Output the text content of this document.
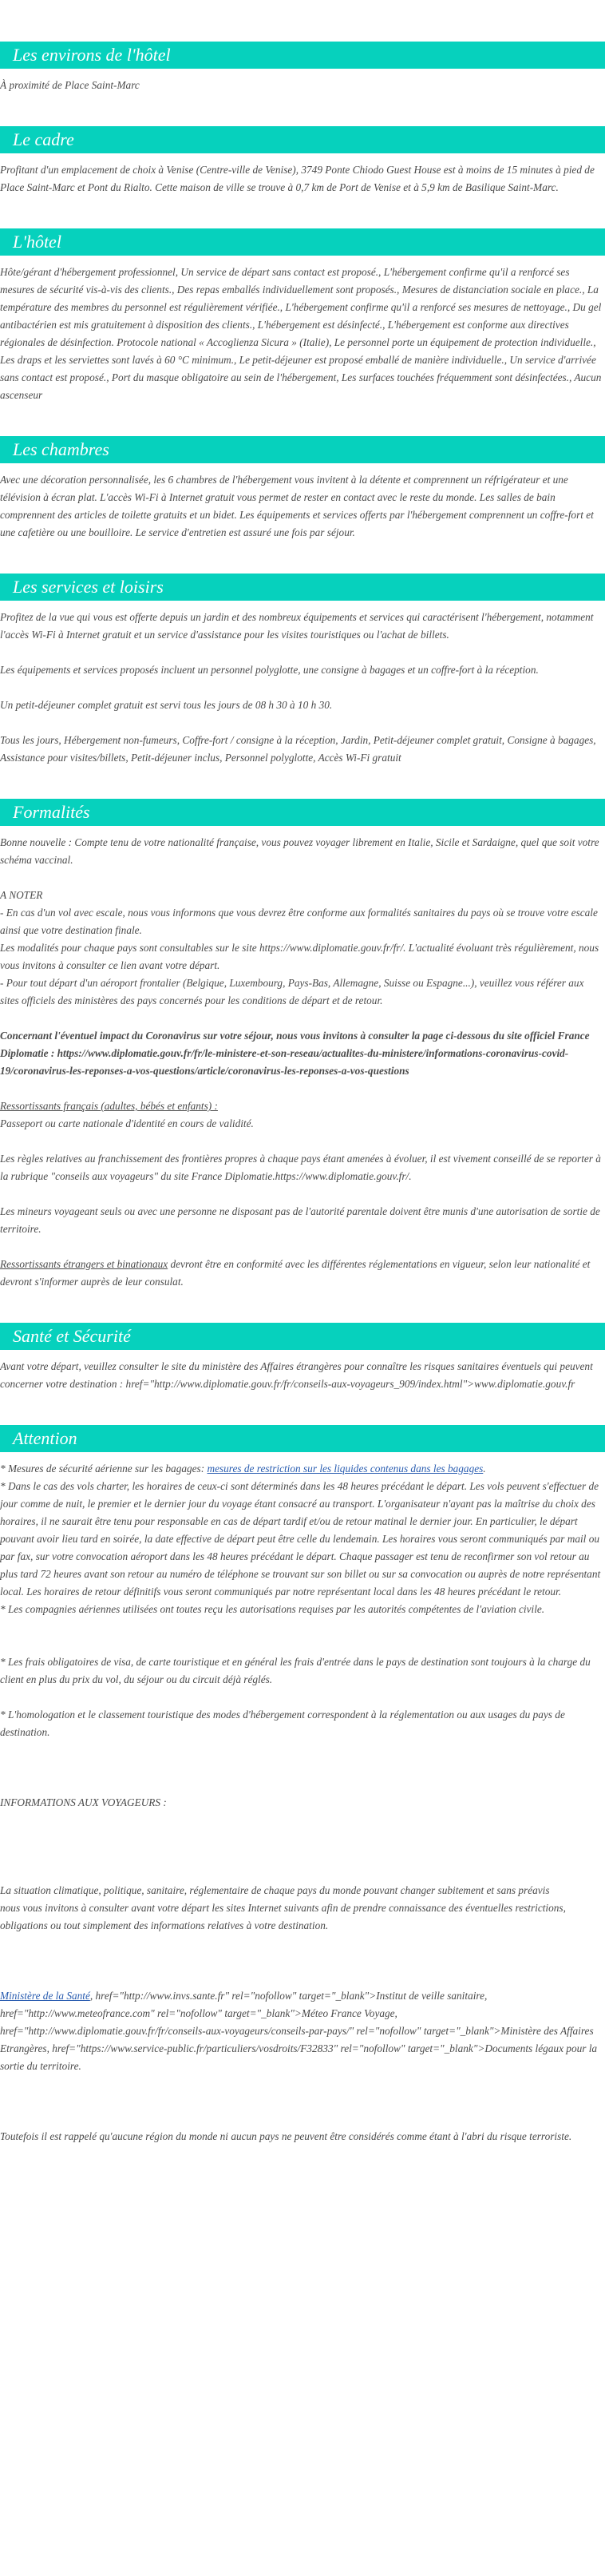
Les environs de l'hôtel

À proximité de Place Saint-Marc

Le cadre

Profitant d'un emplacement de choix à Venise (Centre-ville de Venise), 3749 Ponte Chiodo Guest House est à moins de 15 minutes à pied de Place Saint-Marc et Pont du Rialto. Cette maison de ville se trouve à 0,7 km de Port de Venise et à 5,9 km de Basilique Saint-Marc.

L'hôtel

Hôte/gérant d'hébergement professionnel, Un service de départ sans contact est proposé., L'hébergement confirme qu'il a renforcé ses mesures de sécurité vis-à-vis des clients., Des repas emballés individuellement sont proposés., Mesures de distanciation sociale en place., La température des membres du personnel est régulièrement vérifiée., L'hébergement confirme qu'il a renforcé ses mesures de nettoyage., Du gel antibactérien est mis gratuitement à disposition des clients., L'hébergement est désinfecté., L'hébergement est conforme aux directives régionales de désinfection. Protocole national « Accoglienza Sicura » (Italie), Le personnel porte un équipement de protection individuelle., Les draps et les serviettes sont lavés à 60 °C minimum., Le petit-déjeuner est proposé emballé de manière individuelle., Un service d'arrivée sans contact est proposé., Port du masque obligatoire au sein de l'hébergement, Les surfaces touchées fréquemment sont désinfectées., Aucun ascenseur

Les chambres

Avec une décoration personnalisée, les 6 chambres de l'hébergement vous invitent à la détente et comprennent un réfrigérateur et une télévision à écran plat. L'accès Wi-Fi à Internet gratuit vous permet de rester en contact avec le reste du monde. Les salles de bain comprennent des articles de toilette gratuits et un bidet. Les équipements et services offerts par l'hébergement comprennent un coffre-fort et une cafetière ou une bouilloire. Le service d'entretien est assuré une fois par séjour.

Les services et loisirs

Profitez de la vue qui vous est offerte depuis un jardin et des nombreux équipements et services qui caractérisent l'hébergement, notamment l'accès Wi-Fi à Internet gratuit et un service d'assistance pour les visites touristiques ou l'achat de billets.

Les équipements et services proposés incluent un personnel polyglotte, une consigne à bagages et un coffre-fort à la réception.

Un petit-déjeuner complet gratuit est servi tous les jours de 08 h 30 à 10 h 30.

Tous les jours, Hébergement non-fumeurs, Coffre-fort / consigne à la réception, Jardin, Petit-déjeuner complet gratuit, Consigne à bagages, Assistance pour visites/billets, Petit-déjeuner inclus, Personnel polyglotte, Accès Wi-Fi gratuit

Formalités

Bonne nouvelle : Compte tenu de votre nationalité française, vous pouvez voyager librement en Italie, Sicile et Sardaigne, quel que soit votre schéma vaccinal.

A NOTER

- En cas d'un vol avec escale, nous vous informons que vous devrez être conforme aux formalités sanitaires du pays où se trouve votre escale ainsi que votre destination finale.

Les modalités pour chaque pays sont consultables sur le site https://www.diplomatie.gouv.fr/fr/. L'actualité évoluant très régulièrement, nous vous invitons à consulter ce lien avant votre départ.

- Pour tout départ d'un aéroport frontalier (Belgique, Luxembourg, Pays-Bas, Allemagne, Suisse ou Espagne...), veuillez vous référer aux sites officiels des ministères des pays concernés pour les conditions de départ et de retour.

Concernant l'éventuel impact du Coronavirus sur votre séjour, nous vous invitons à consulter la page ci-dessous du site officiel France Diplomatie : https://www.diplomatie.gouv.fr/fr/le-ministere-et-son-reseau/actualites-du-ministere/informations-coronavirus-covid-19/coronavirus-les-reponses-a-vos-questions/article/coronavirus-les-reponses-a-vos-questions

Ressortissants français (adultes, bébés et enfants) :

Passeport ou carte nationale d'identité en cours de validité.

Les règles relatives au franchissement des frontières propres à chaque pays étant amenées à évoluer, il est vivement conseillé de se reporter à la rubrique "conseils aux voyageurs" du site France Diplomatie.https://www.diplomatie.gouv.fr/.

Les mineurs voyageant seuls ou avec une personne ne disposant pas de l'autorité parentale doivent être munis d'une autorisation de sortie de territoire.

Ressortissants étrangers et binationaux devront être en conformité avec les différentes réglementations en vigueur, selon leur nationalité et devront s'informer auprès de leur consulat.

Santé et Sécurité

Avant votre départ, veuillez consulter le site du ministère des Affaires étrangères pour connaître les risques sanitaires éventuels qui peuvent concerner votre destination : href="http://www.diplomatie.gouv.fr/fr/conseils-aux-voyageurs_909/index.html">www.diplomatie.gouv.fr

Attention

* Mesures de sécurité aérienne sur les bagages: mesures de restriction sur les liquides contenus dans les bagages.

* Dans le cas des vols charter, les horaires de ceux-ci sont déterminés dans les 48 heures précédant le départ. Les vols peuvent s'effectuer de jour comme de nuit, le premier et le dernier jour du voyage étant consacré au transport. L'organisateur n'ayant pas la maîtrise du choix des horaires, il ne saurait être tenu pour responsable en cas de départ tardif et/ou de retour matinal le dernier jour. En particulier, le départ pouvant avoir lieu tard en soirée, la date effective de départ peut être celle du lendemain. Les horaires vous seront communiqués par mail ou par fax, sur votre convocation aéroport dans les 48 heures précédant le départ. Chaque passager est tenu de reconfirmer son vol retour au plus tard 72 heures avant son retour au numéro de téléphone se trouvant sur son billet ou sur sa convocation ou auprès de notre représentant local. Les horaires de retour définitifs vous seront communiqués par notre représentant local dans les 48 heures précédant le retour.

* Les compagnies aériennes utilisées ont toutes reçu les autorisations requises par les autorités compétentes de l'aviation civile.

* Les frais obligatoires de visa, de carte touristique et en général les frais d'entrée dans le pays de destination sont toujours à la charge du client en plus du prix du vol, du séjour ou du circuit déjà réglés.

* L'homologation et le classement touristique des modes d'hébergement correspondent à la réglementation ou aux usages du pays de destination.

INFORMATIONS AUX VOYAGEURS :

La situation climatique, politique, sanitaire, réglementaire de chaque pays du monde pouvant changer subitement et sans préavis

nous vous invitons à consulter avant votre départ les sites Internet suivants afin de prendre connaissance des éventuelles restrictions, obligations ou tout simplement des informations relatives à votre destination.

Ministère de la Santé, href="http://www.invs.sante.fr" rel="nofollow" target="_blank">Institut de veille sanitaire, href="http://www.meteofrance.com" rel="nofollow" target="_blank">Méteo France Voyage, href="http://www.diplomatie.gouv.fr/fr/conseils-aux-voyageurs/conseils-par-pays/" rel="nofollow" target="_blank">Ministère des Affaires Etrangères, href="https://www.service-public.fr/particuliers/vosdroits/F32833" rel="nofollow" target="_blank">Documents légaux pour la sortie du territoire.

Toutefois il est rappelé qu'aucune région du monde ni aucun pays ne peuvent être considérés comme étant à l'abri du risque terroriste.
